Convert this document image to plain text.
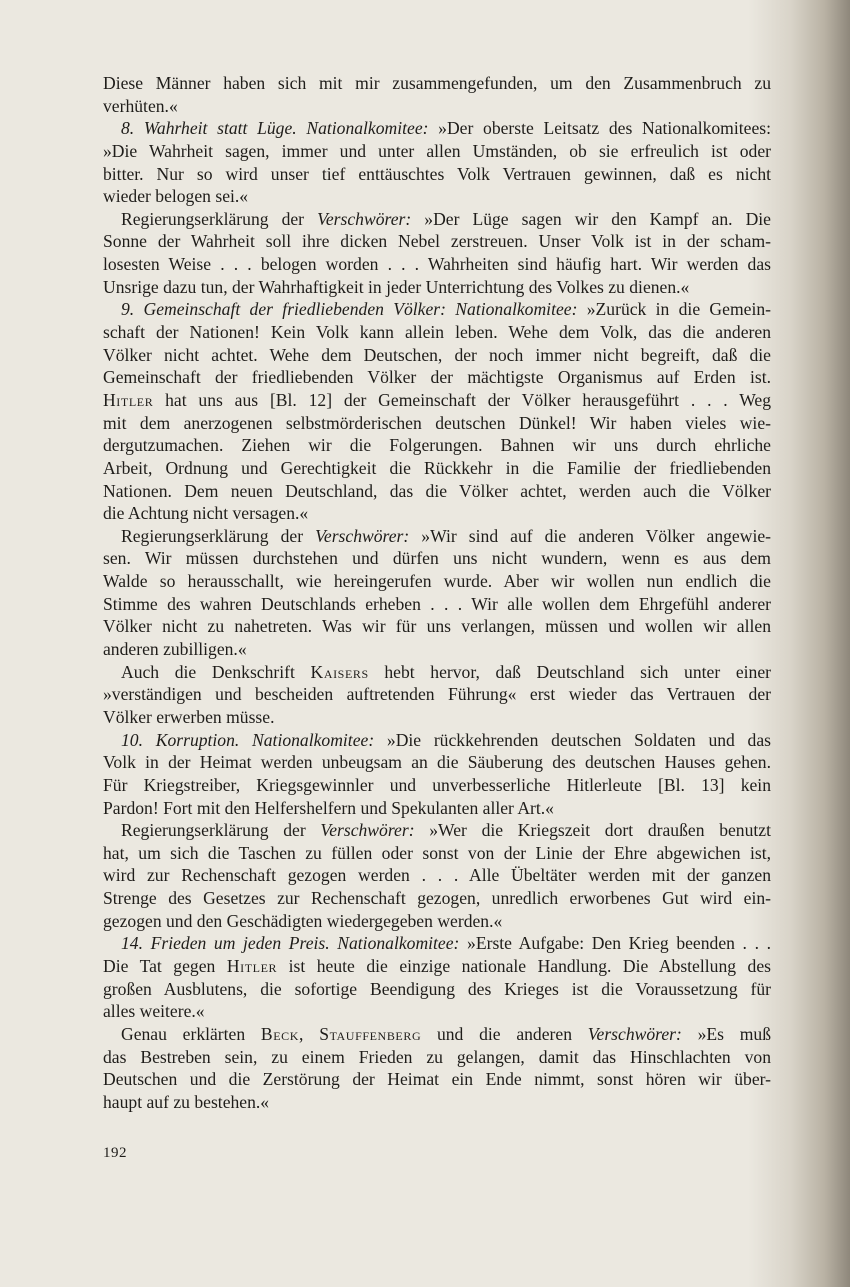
Diese Männer haben sich mit mir zusammengefunden, um den Zusammenbruch zu
verhüten.«
8. Wahrheit statt Lüge. Nationalkomitee: »Der oberste Leitsatz des Nationalkomitees:
»Die Wahrheit sagen, immer und unter allen Umständen, ob sie erfreulich ist oder
bitter. Nur so wird unser tief enttäuschtes Volk Vertrauen gewinnen, daß es nicht
wieder belogen sei.«
Regierungserklärung der Verschwörer: »Der Lüge sagen wir den Kampf an. Die
Sonne der Wahrheit soll ihre dicken Nebel zerstreuen. Unser Volk ist in der scham-
losesten Weise . . . belogen worden . . . Wahrheiten sind häufig hart. Wir werden das
Unsrige dazu tun, der Wahrhaftigkeit in jeder Unterrichtung des Volkes zu dienen.«
9. Gemeinschaft der friedliebenden Völker: Nationalkomitee: »Zurück in die Gemein-
schaft der Nationen! Kein Volk kann allein leben. Wehe dem Volk, das die anderen
Völker nicht achtet. Wehe dem Deutschen, der noch immer nicht begreift, daß die
Gemeinschaft der friedliebenden Völker der mächtigste Organismus auf Erden ist.
Hitler hat uns aus [Bl. 12] der Gemeinschaft der Völker herausgeführt . . . Weg
mit dem anerzogenen selbstmörderischen deutschen Dünkel! Wir haben vieles wie-
dergutzumachen. Ziehen wir die Folgerungen. Bahnen wir uns durch ehrliche
Arbeit, Ordnung und Gerechtigkeit die Rückkehr in die Familie der friedliebenden
Nationen. Dem neuen Deutschland, das die Völker achtet, werden auch die Völker
die Achtung nicht versagen.«
Regierungserklärung der Verschwörer: »Wir sind auf die anderen Völker angewie-
sen. Wir müssen durchstehen und dürfen uns nicht wundern, wenn es aus dem
Walde so herausschallt, wie hereingerufen wurde. Aber wir wollen nun endlich die
Stimme des wahren Deutschlands erheben . . . Wir alle wollen dem Ehrgefühl anderer
Völker nicht zu nahetreten. Was wir für uns verlangen, müssen und wollen wir allen
anderen zubilligen.«
Auch die Denkschrift Kaisers hebt hervor, daß Deutschland sich unter einer
»verständigen und bescheiden auftretenden Führung« erst wieder das Vertrauen der
Völker erwerben müsse.
10. Korruption. Nationalkomitee: »Die rückkehrenden deutschen Soldaten und das
Volk in der Heimat werden unbeugsam an die Säuberung des deutschen Hauses gehen.
Für Kriegstreiber, Kriegsgewinnler und unverbesserliche Hitlerleute [Bl. 13] kein
Pardon! Fort mit den Helfershelfern und Spekulanten aller Art.«
Regierungserklärung der Verschwörer: »Wer die Kriegszeit dort draußen benutzt
hat, um sich die Taschen zu füllen oder sonst von der Linie der Ehre abgewichen ist,
wird zur Rechenschaft gezogen werden . . . Alle Übeltäter werden mit der ganzen
Strenge des Gesetzes zur Rechenschaft gezogen, unredlich erworbenes Gut wird ein-
gezogen und den Geschädigten wiedergegeben werden.«
14. Frieden um jeden Preis. Nationalkomitee: »Erste Aufgabe: Den Krieg beenden . . .
Die Tat gegen Hitler ist heute die einzige nationale Handlung. Die Abstellung des
großen Ausblutens, die sofortige Beendigung des Krieges ist die Voraussetzung für
alles weitere.«
Genau erklärten Beck, Stauffenberg und die anderen Verschwörer: »Es muß
das Bestreben sein, zu einem Frieden zu gelangen, damit das Hinschlachten von
Deutschen und die Zerstörung der Heimat ein Ende nimmt, sonst hören wir über-
haupt auf zu bestehen.«
192
